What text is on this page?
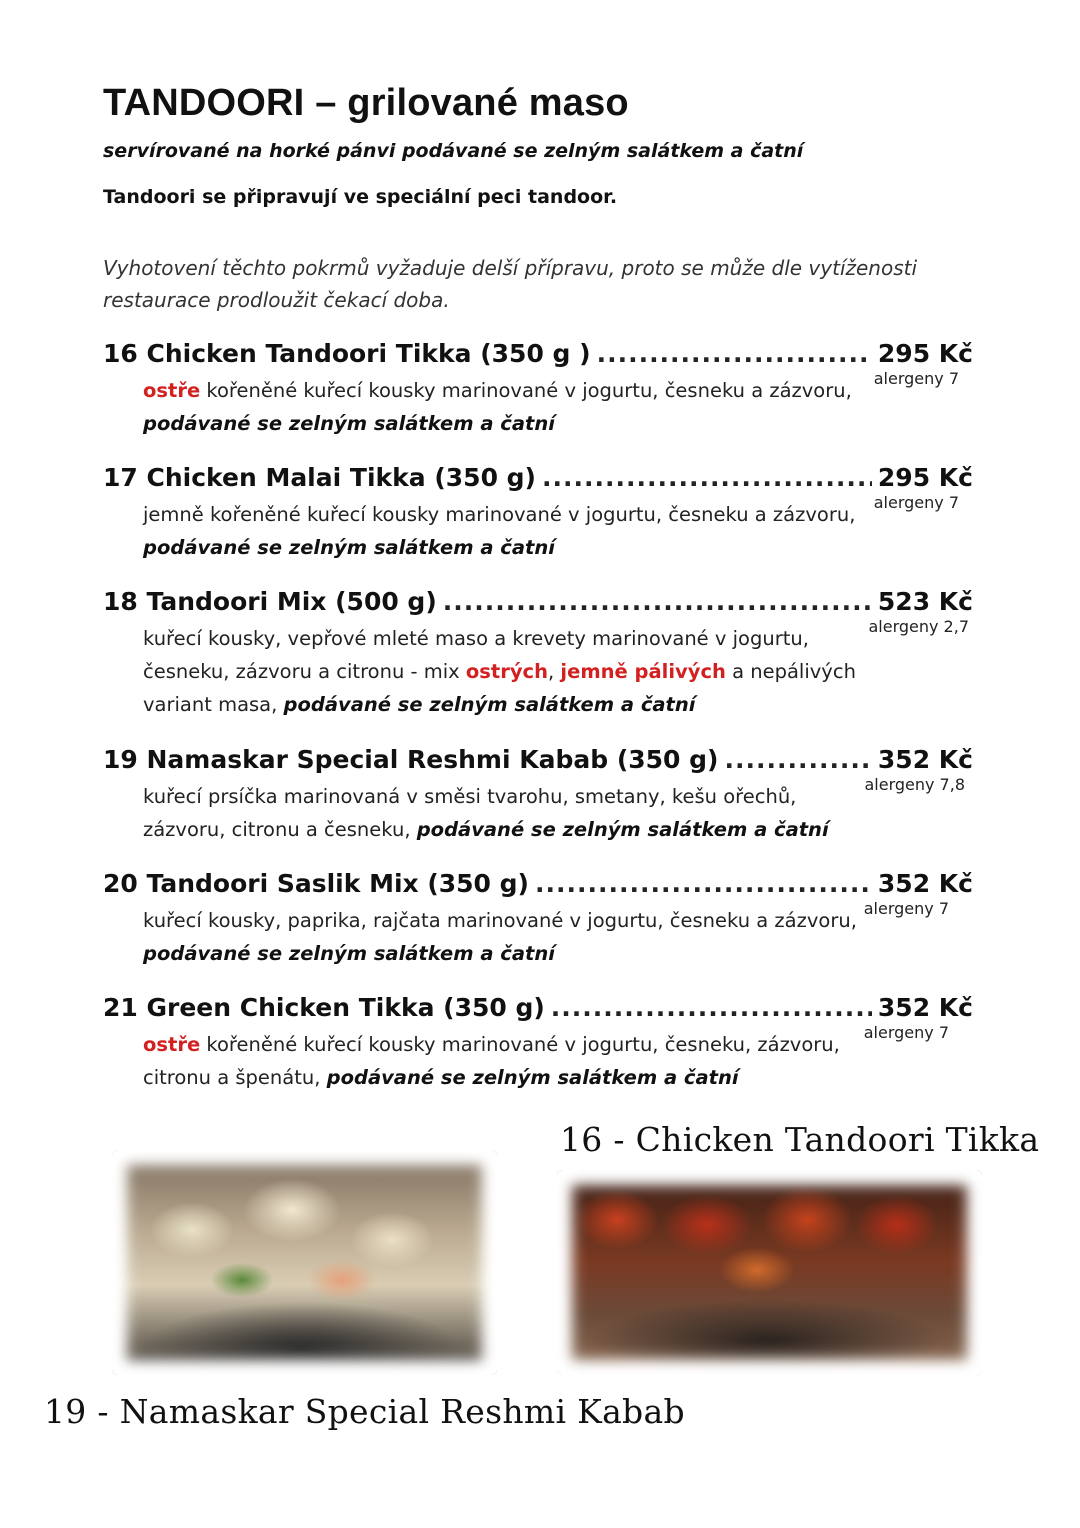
TANDOORI – grilované maso
servírované na horké pánvi podávané se zelným salátkem a čatní
Tandoori se připravují ve speciální peci tandoor.
Vyhotovení těchto pokrmů vyžaduje delší přípravu, proto se může dle vytíženosti restaurace prodloužit čekací doba.
16 Chicken Tandoori Tikka (350 g ) .....	295 Kč
alergeny 7
ostře kořeněné kuřecí kousky marinované v jogurtu, česneku a zázvoru, podávané se zelným salátkem a čatní
17 Chicken Malai Tikka (350 g) .....	295 Kč
alergeny 7
jemně kořeněné kuřecí kousky marinované v jogurtu, česneku a zázvoru, podávané se zelným salátkem a čatní
18 Tandoori Mix (500 g) .....	523 Kč
alergeny 2,7
kuřecí kousky, vepřové mleté maso a krevety marinované v jogurtu, česneku, zázvoru a citronu - mix ostrých, jemně pálivých a nepálivých variant masa, podávané se zelným salátkem a čatní
19 Namaskar Special Reshmi Kabab (350 g) .....	352 Kč
alergeny 7,8
kuřecí prsíčka marinovaná v směsi tvarohu, smetany, kešu ořechů, zázvoru, citronu a česneku, podávané se zelným salátkem a čatní
20 Tandoori Saslik Mix (350 g) .....	352 Kč
alergeny 7
kuřecí kousky, paprika, rajčata marinované v jogurtu, česneku a zázvoru, podávané se zelným salátkem a čatní
21 Green Chicken Tikka (350 g) .....	352 Kč
alergeny 7
ostře kořeněné kuřecí kousky marinované v jogurtu, česneku, zázvoru, citronu a špenátu, podávané se zelným salátkem a čatní
16 - Chicken Tandoori Tikka
19 - Namaskar Special Reshmi Kabab
